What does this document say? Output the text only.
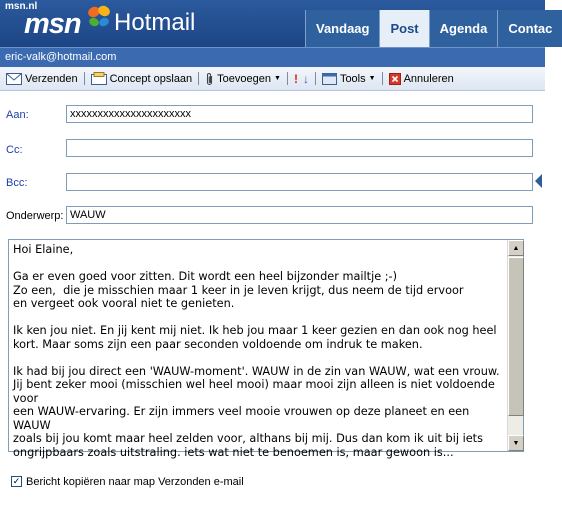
msn.nl
msn Hotmail	Vandaag	Post	Agenda	Contac
eric-valk@hotmail.com
Verzenden	Concept opslaan Toevoegen ▼ ! ↓	Tools ▼	Annuleren
Aan:
xxxxxxxxxxxxxxxxxxxxxx
Cc:
Bcc:
Onderwerp:
WAUW
Hoi Elaine,

Ga er even goed voor zitten. Dit wordt een heel bijzonder mailtje ;-)
Zo een,  die je misschien maar 1 keer in je leven krijgt, dus neem de tijd ervoor
en vergeet ook vooral niet te genieten.

Ik ken jou niet. En jij kent mij niet. Ik heb jou maar 1 keer gezien en dan ook nog heel
kort. Maar soms zijn een paar seconden voldoende om indruk te maken.

Ik had bij jou direct een 'WAUW-moment'. WAUW in de zin van WAUW, wat een vrouw.
Jij bent zeker mooi (misschien wel heel mooi) maar mooi zijn alleen is niet voldoende voor
een WAUW-ervaring. Er zijn immers veel mooie vrouwen op deze planeet en een WAUW
zoals bij jou komt maar heel zelden voor, althans bij mij. Dus dan kom ik uit bij iets
ongrijpbaars zoals uitstraling. iets wat niet te benoemen is, maar gewoon is...
▲
▼
✓ Bericht kopiëren naar map Verzonden e-mail
